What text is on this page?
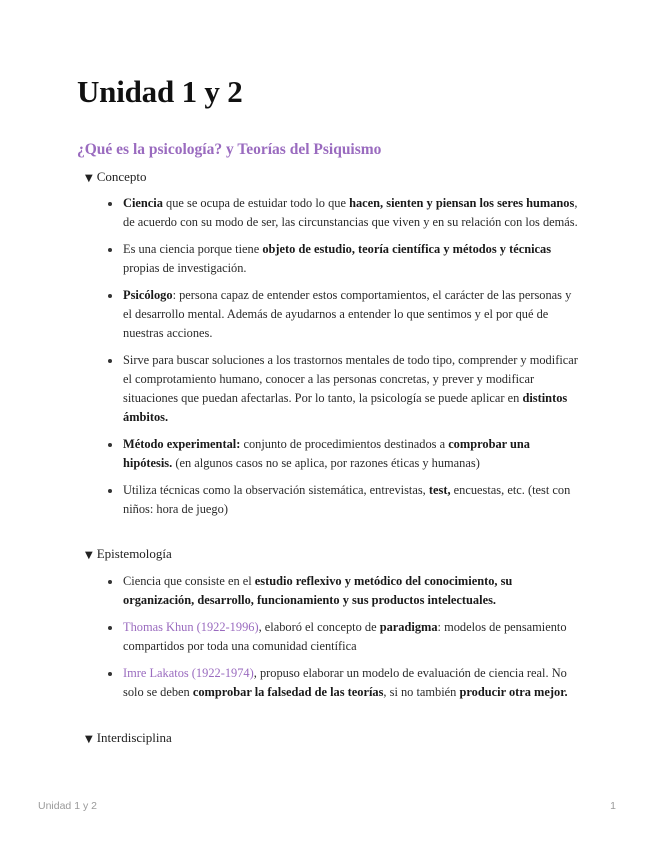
Unidad 1 y 2
¿Qué es la psicología? y Teorías del Psiquismo
▼ Concepto
Ciencia que se ocupa de estuidar todo lo que hacen, sienten y piensan los seres humanos, de acuerdo con su modo de ser, las circunstancias que viven y en su relación con los demás.
Es una ciencia porque tiene objeto de estudio, teoría científica y métodos y técnicas propias de investigación.
Psicólogo: persona capaz de entender estos comportamientos, el carácter de las personas y el desarrollo mental. Además de ayudarnos a entender lo que sentimos y el por qué de nuestras acciones.
Sirve para buscar soluciones a los trastornos mentales de todo tipo, comprender y modificar el comprotamiento humano, conocer a las personas concretas, y prever y modificar situaciones que puedan afectarlas. Por lo tanto, la psicología se puede aplicar en distintos ámbitos.
Método experimental: conjunto de procedimientos destinados a comprobar una hipótesis. (en algunos casos no se aplica, por razones éticas y humanas)
Utiliza técnicas como la observación sistemática, entrevistas, test, encuestas, etc. (test con niños: hora de juego)
▼ Epistemología
Ciencia que consiste en el estudio reflexivo y metódico del conocimiento, su organización, desarrollo, funcionamiento y sus productos intelectuales.
Thomas Khun (1922-1996), elaboró el concepto de paradigma: modelos de pensamiento compartidos por toda una comunidad científica
Imre Lakatos (1922-1974), propuso elaborar un modelo de evaluación de ciencia real. No solo se deben comprobar la falsedad de las teorías, si no también producir otra mejor.
▼ Interdisciplina
Unidad 1 y 2	1
